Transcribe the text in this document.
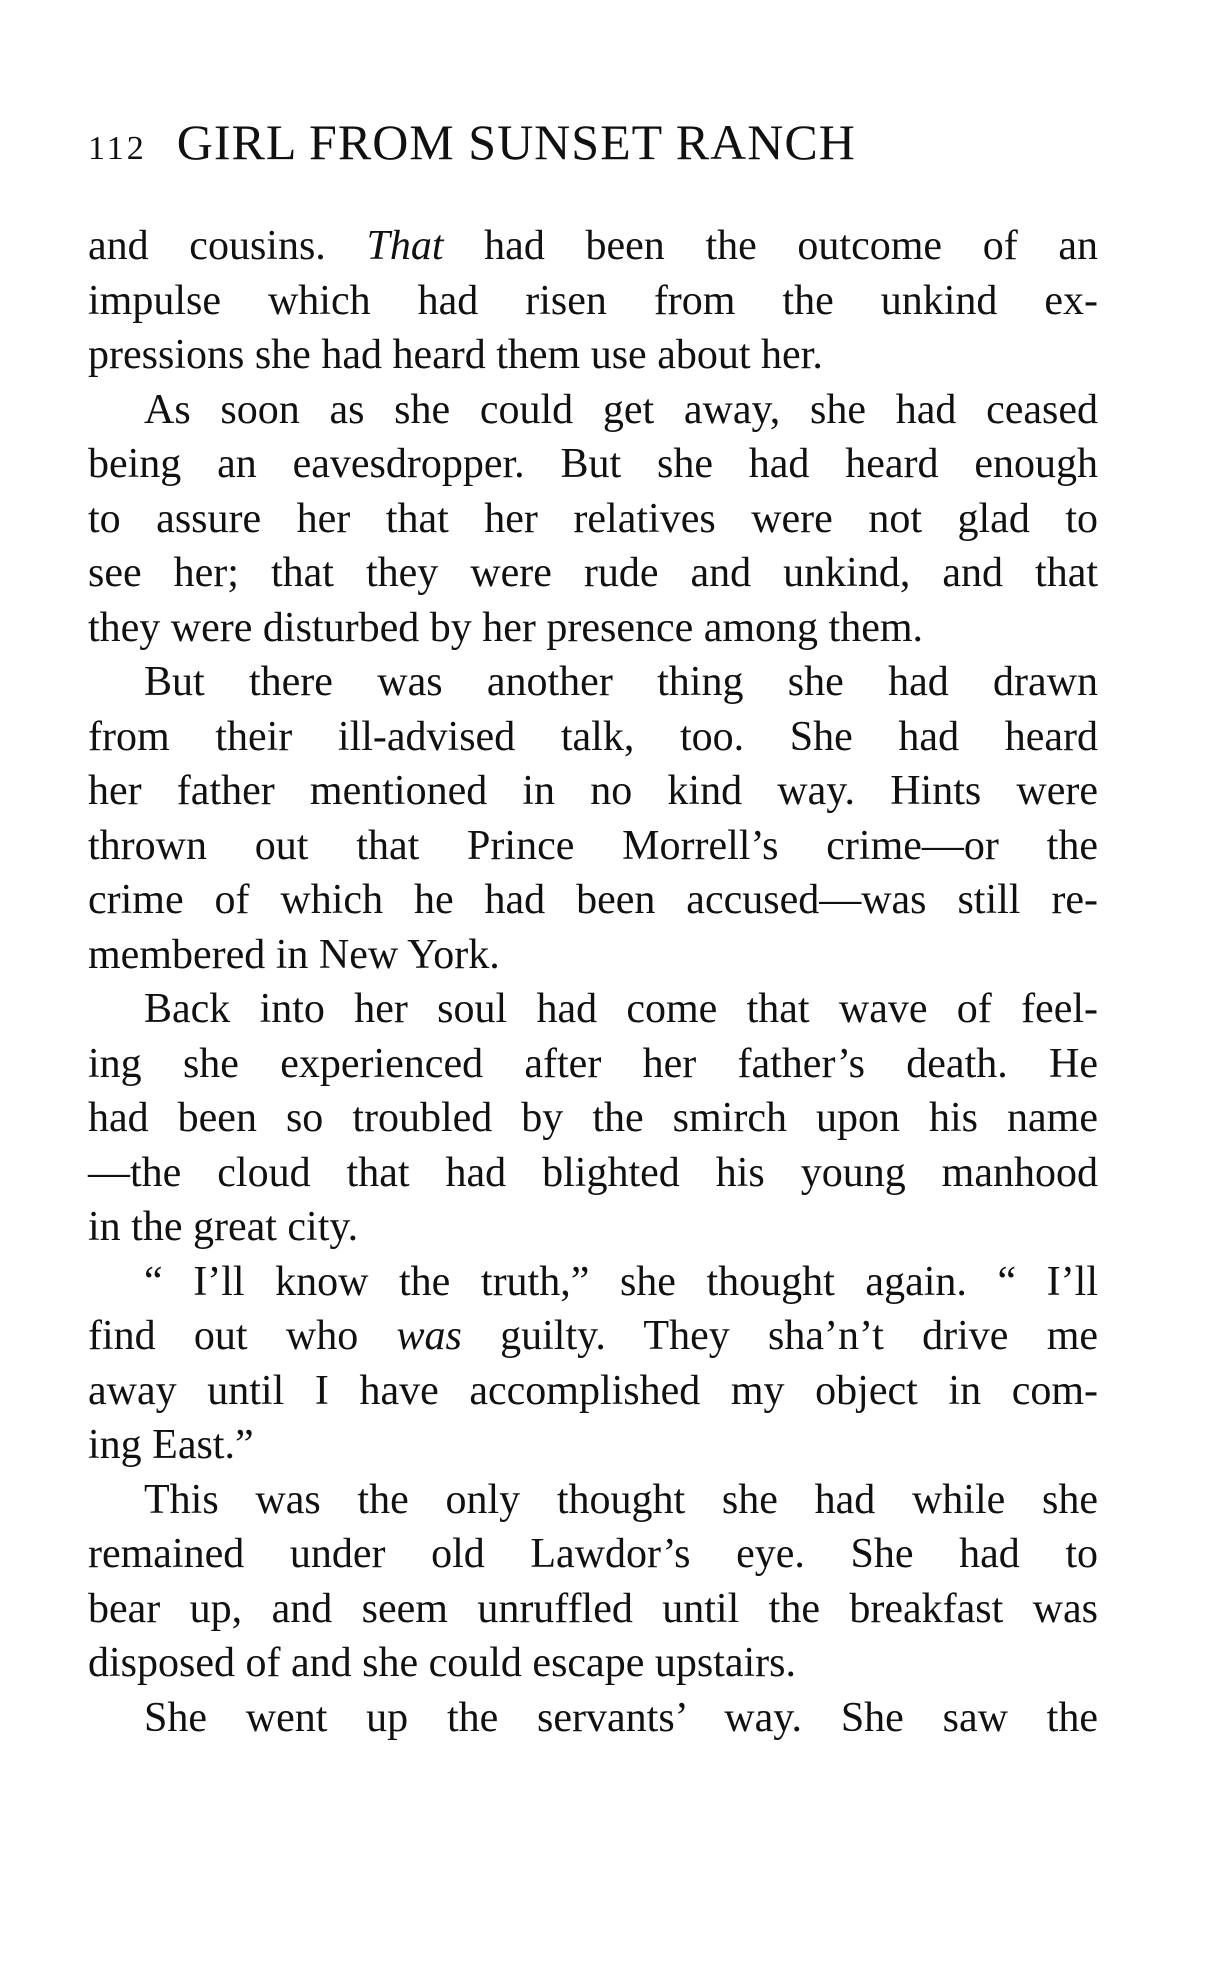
112 GIRL FROM SUNSET RANCH
and cousins. That had been the outcome of an
impulse which had risen from the unkind ex-
pressions she had heard them use about her.
As soon as she could get away, she had ceased
being an eavesdropper. But she had heard enough
to assure her that her relatives were not glad to
see her; that they were rude and unkind, and that
they were disturbed by her presence among them.
But there was another thing she had drawn
from their ill-advised talk, too. She had heard
her father mentioned in no kind way. Hints were
thrown out that Prince Morrell’s crime—or the
crime of which he had been accused—was still re-
membered in New York.
Back into her soul had come that wave of feel-
ing she experienced after her father’s death. He
had been so troubled by the smirch upon his name
—the cloud that had blighted his young manhood
in the great city.
“ I’ll know the truth,” she thought again. “ I’ll
find out who was guilty. They sha’n’t drive me
away until I have accomplished my object in com-
ing East.”
This was the only thought she had while she
remained under old Lawdor’s eye. She had to
bear up, and seem unruffled until the breakfast was
disposed of and she could escape upstairs.
She went up the servants’ way. She saw the
